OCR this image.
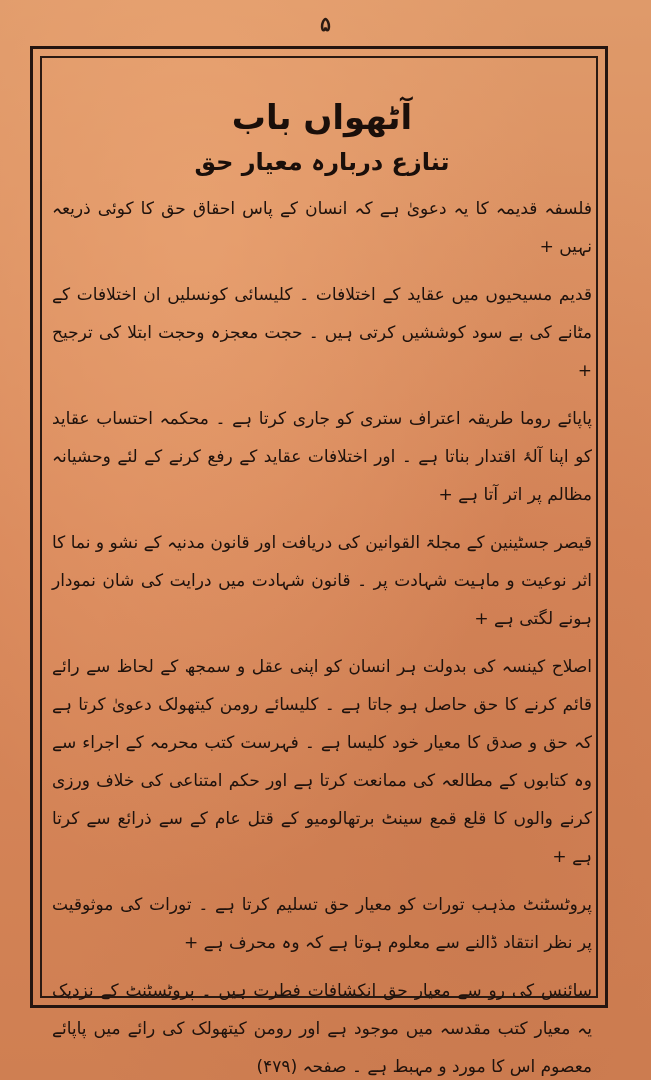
۵
آٹھواں باب
تنازع دربارہ معیار حق

فلسفہ قدیمہ کا یہ دعویٰ ہے کہ انسان کے پاس احقاق حق کا کوئی ذریعہ نہیں +

قدیم مسیحیوں میں عقاید کے اختلافات ۔ کلیسائی کونسلیں ان اختلافات کے مٹانے کی بے سود کوششیں کرتی ہیں ۔ حجت معجزہ وحجت ابتلا کی ترجیح +

پاپائے روما طریقہ اعتراف ستری کو جاری کرتا ہے ۔ محکمہ احتساب عقاید کو اپنا آلۂ اقتدار بناتا ہے ۔ اور اختلافات عقاید کے رفع کرنے کے لئے وحشیانہ مظالم پر اتر آتا ہے +

قیصر جسٹینین کے مجلۃ القوانین کی دریافت اور قانون مدنیہ کے نشو و نما کا اثر نوعیت و ماہیت شہادت پر ۔ قانون شہادت میں درایت کی شان نمودار ہونے لگتی ہے +

اصلاح کینسہ کی بدولت ہر انسان کو اپنی عقل و سمجھ کے لحاظ سے رائے قائم کرنے کا حق حاصل ہو جاتا ہے ۔ کلیسائے رومن کیتھولک دعویٰ کرتا ہے کہ حق و صدق کا معیار خود کلیسا ہے ۔ فہرست کتب محرمہ کے اجراء سے وہ کتابوں کے مطالعہ کی ممانعت کرتا ہے اور حکم امتناعی کی خلاف ورزی کرنے والوں کا قلع قمع سینٹ برتھالومیو کے قتل عام کے سے ذرائع سے کرتا ہے +

پروٹسٹنٹ مذہب تورات کو معیار حق تسلیم کرتا ہے ۔ تورات کی موثوقیت پر نظر انتقاد ڈالنے سے معلوم ہوتا ہے کہ وہ محرف ہے +

سائنس کی رو سے معیار حق انکشافات فطرت ہیں ۔ پروٹسٹنٹ کے نزدیک یہ معیار کتب مقدسہ میں موجود ہے اور رومن کیتھولک کی رائے میں پاپائے معصوم اس کا مورد و مہبط ہے ۔ صفحہ (۴۷۹)
